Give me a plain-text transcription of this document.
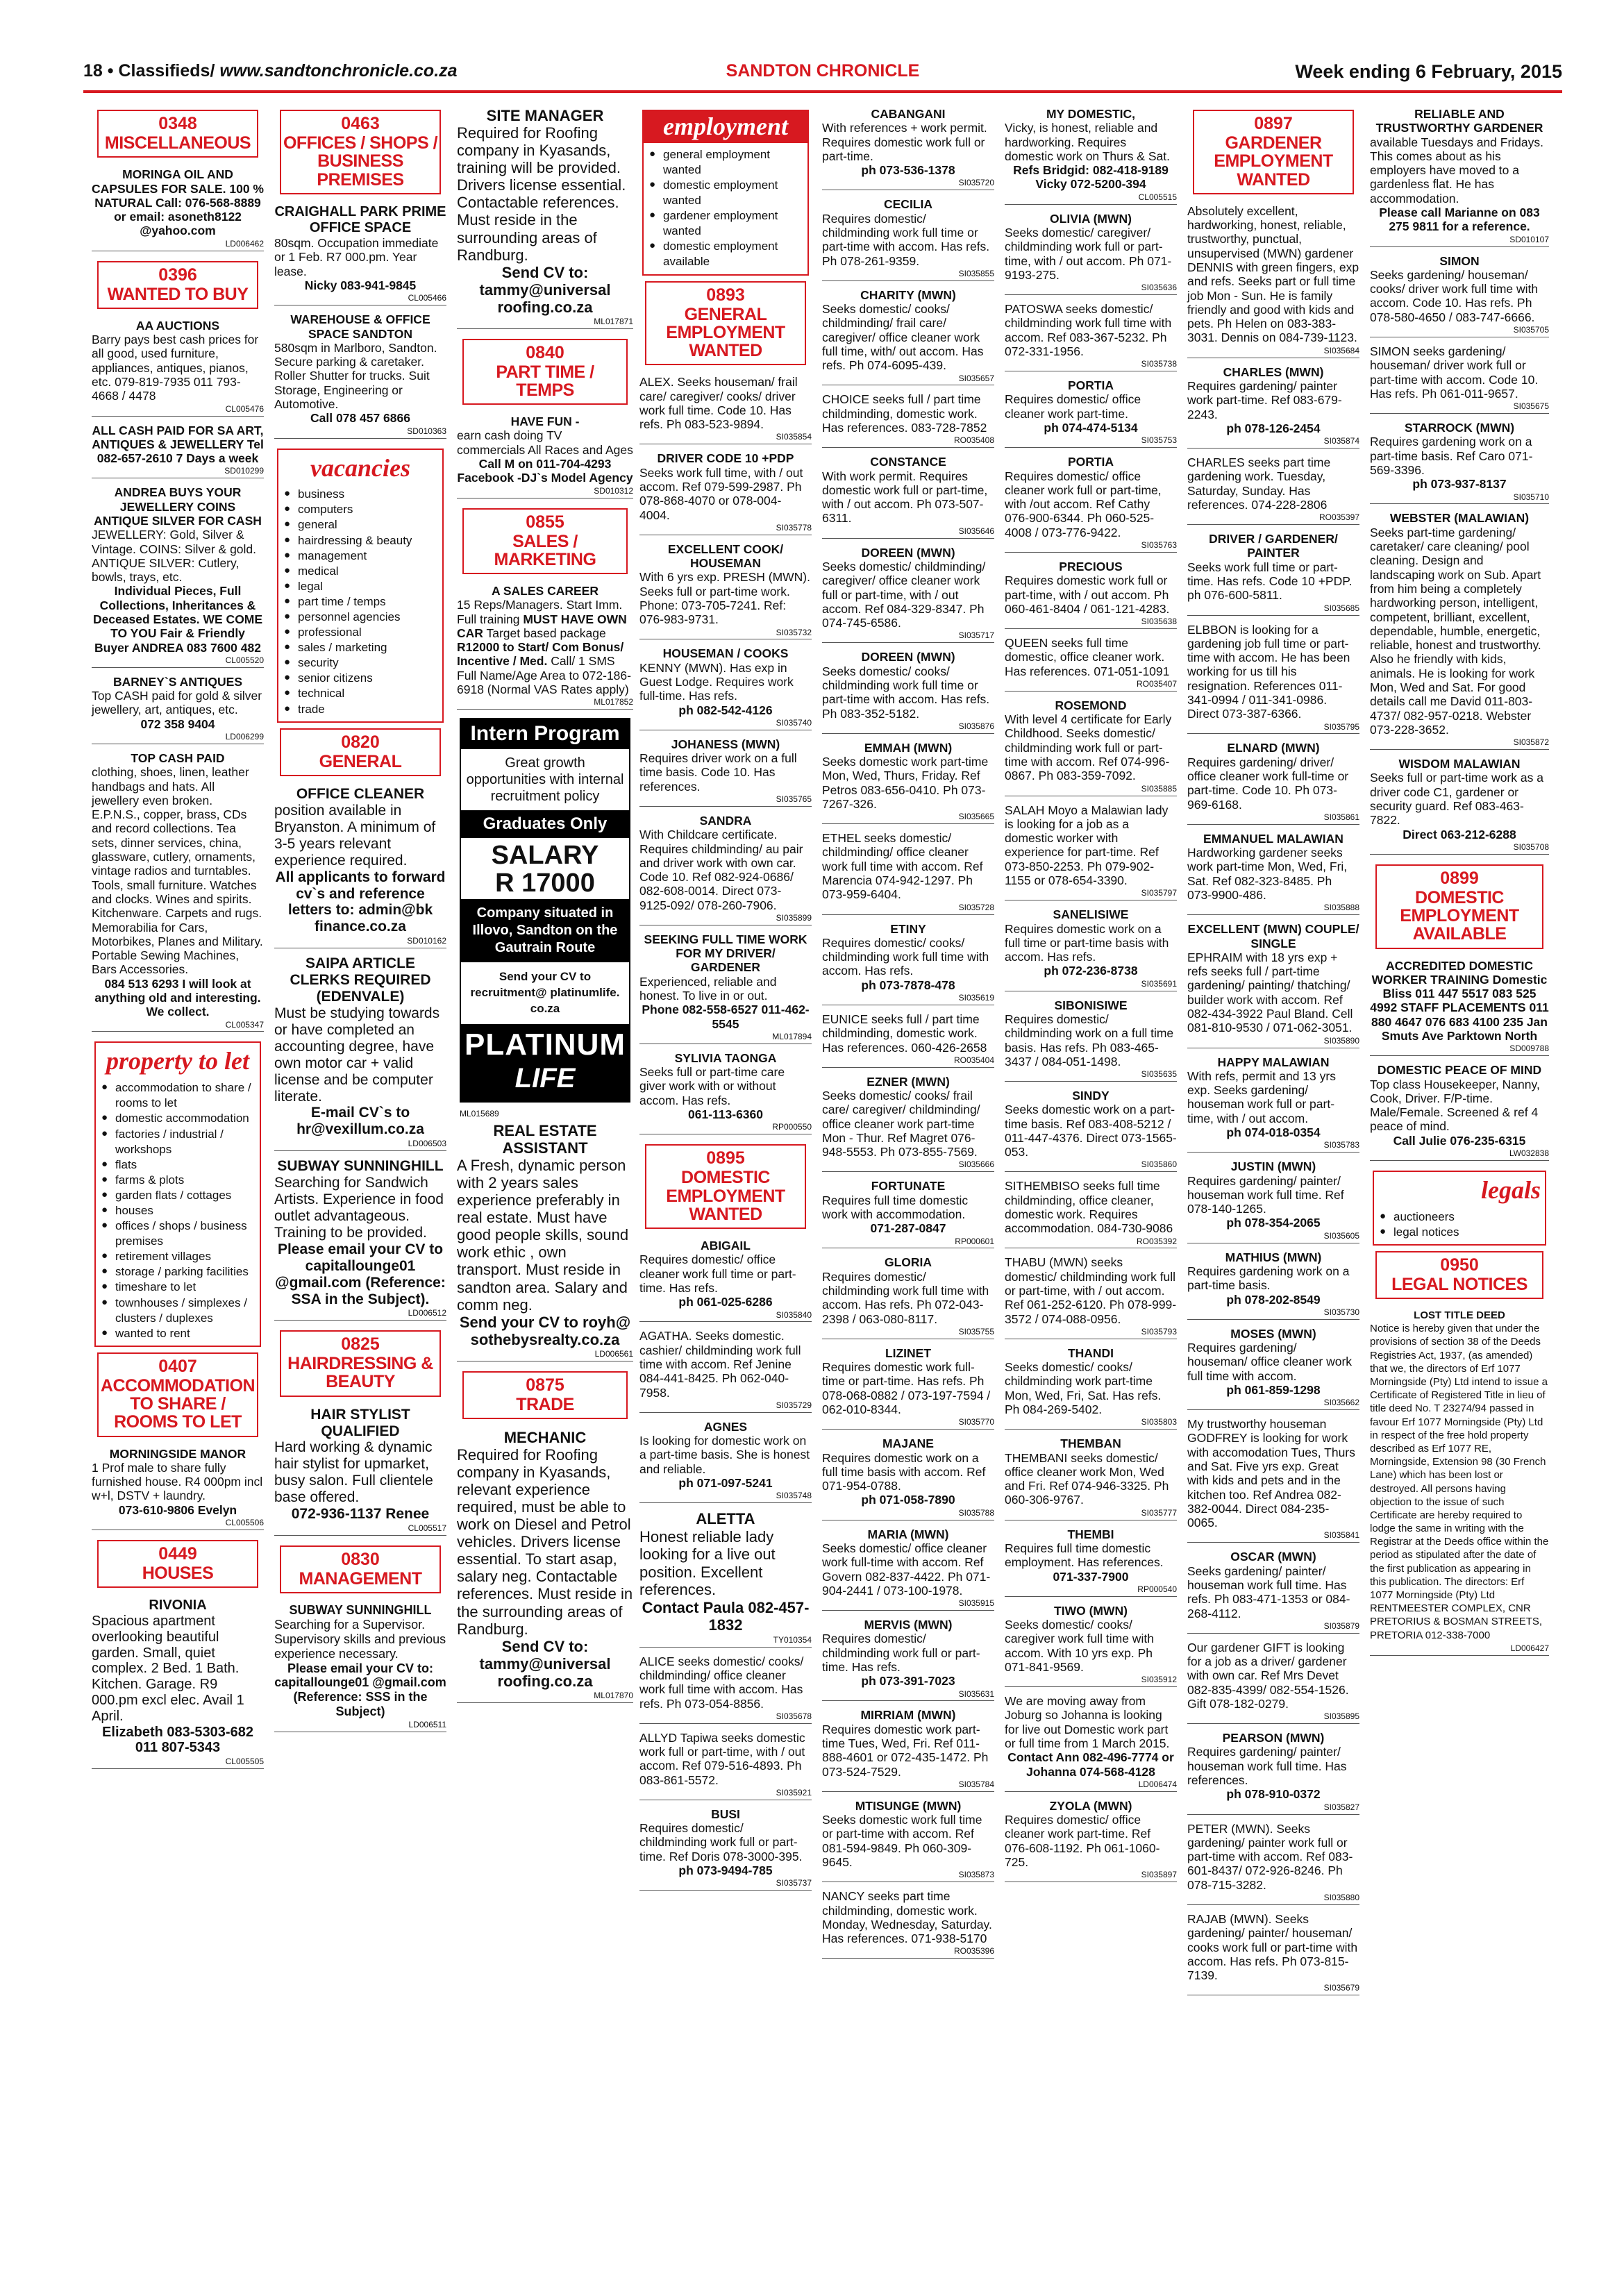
18 • Classifieds/ www.sandtonchronicle.co.za	SANDTON CHRONICLE	Week ending 6 February, 2015
0348
MISCELLANEOUS
MORINGA OIL AND CAPSULES FOR SALE. 100 % NATURAL Call: 076-568-8889 or email: asoneth8122 @yahoo.com
LD006462
0396
WANTED TO BUY
AA AUCTIONS
Barry pays best cash prices for all good, used furniture, appliances, antiques, pianos, etc. 079-819-7935 011 793-4668 / 4478
CL005476
ALL CASH PAID FOR SA ART, ANTIQUES & JEWELLERY Tel 082-657-2610 7 Days a week
SD010299
ANDREA BUYS YOUR JEWELLERY COINS ANTIQUE SILVER FOR CASH
JEWELLERY: Gold, Silver & Vintage. COINS: Silver & gold. ANTIQUE SILVER: Cutlery, bowls, trays, etc.
Individual Pieces, Full Collections, Inheritances & Deceased Estates. WE COME TO YOU Fair & Friendly Buyer ANDREA 083 7600 482
CL005520
BARNEY`S ANTIQUES
Top CASH paid for gold & silver jewellery, art, antiques, etc.
072 358 9404
LD006299
TOP CASH PAID
clothing, shoes, linen, leather handbags and hats. All jewellery even broken. E.P.N.S., copper, brass, CDs and record collections. Tea sets, dinner services, china, glassware, cutlery, ornaments, vintage radios and turntables. Tools, small furniture. Watches and clocks. Wines and spirits. Kitchenware. Carpets and rugs. Memorabilia for Cars, Motorbikes, Planes and Military. Portable Sewing Machines, Bars Accessories.
084 513 6293 I will look at anything old and interesting. We collect.
CL005347
property to let
● accommodation to share / rooms to let
● domestic accommodation
● factories / industrial / workshops
● flats
● farms & plots
● garden flats / cottages
● houses
● offices / shops / business premises
● retirement villages
● storage / parking facilities
● timeshare to let
● townhouses / simplexes / clusters / duplexes
● wanted to rent
0407
ACCOMMODATION TO SHARE / ROOMS TO LET
MORNINGSIDE MANOR
1 Prof male to share fully furnished house. R4 000pm incl w+l, DSTV + laundry.
073-610-9806 Evelyn
CL005506
0449
HOUSES
RIVONIA
Spacious apartment overlooking beautiful garden. Small, quiet complex. 2 Bed. 1 Bath. Kitchen. Garage. R9 000.pm excl elec. Avail 1 April.
Elizabeth 083-5303-682 011 807-5343
CL005505
0463
OFFICES / SHOPS / BUSINESS PREMISES
CRAIGHALL PARK PRIME OFFICE SPACE
80sqm. Occupation immediate or 1 Feb. R7 000.pm. Year lease.
Nicky 083-941-9845
CL005466
WAREHOUSE & OFFICE SPACE SANDTON
580sqm in Marlboro, Sandton. Secure parking & caretaker. Roller Shutter for trucks. Suit Storage, Engineering or Automotive.
Call 078 457 6866
SD010363
vacancies
● business
● computers
● general
● hairdressing & beauty
● management
● medical
● legal
● part time / temps
● personnel agencies
● professional
● sales / marketing
● security
● senior citizens
● technical
● trade
0820
GENERAL
OFFICE CLEANER
position available in Bryanston. A minimum of 3-5 years relevant experience required.
All applicants to forward cv`s and reference letters to: admin@bk finance.co.za
SD010162
SAIPA ARTICLE CLERKS REQUIRED (EDENVALE)
Must be studying towards or have completed an accounting degree, have own motor car + valid license and be computer literate.
E-mail CV`s to hr@vexillum.co.za
LD006503
SUBWAY SUNNINGHILL
Searching for Sandwich Artists. Experience in food outlet advantageous. Training to be provided.
Please email your CV to capitallounge01 @gmail.com (Reference: SSA in the Subject).
LD006512
0825
HAIRDRESSING & BEAUTY
HAIR STYLIST QUALIFIED
Hard working & dynamic hair stylist for upmarket, busy salon. Full clientele base offered.
072-936-1137 Renee
CL005517
0830
MANAGEMENT
SUBWAY SUNNINGHILL
Searching for a Supervisor. Supervisory skills and previous experience necessary.
Please email your CV to: capitallounge01 @gmail.com (Reference: SSS in the Subject)
LD006511
SITE MANAGER
Required for Roofing company in Kyasands, training will be provided. Drivers license essential. Contactable references. Must reside in the surrounding areas of Randburg.
Send CV to: tammy@universal roofing.co.za
ML017871
0840
PART TIME / TEMPS
HAVE FUN -
earn cash doing TV commercials All Races and Ages
Call M on 011-704-4293 Facebook -DJ`s Model Agency
SD010312
0855
SALES / MARKETING
A SALES CAREER
15 Reps/Managers. Start Imm. Full training MUST HAVE OWN CAR Target based package R12000 to Start/ Com Bonus/ Incentive / Med. Call/ 1 SMS Full Name/Age Area to 072-186-6918 (Normal VAS Rates apply)
ML017852
Intern Program
Great growth opportunities with internal recruitment policy
Graduates Only
SALARY
R 17000
Company situated in Illovo, Sandton on the Gautrain Route
Send your CV to recruitment@ platinumlife. co.za
PLATINUM
LIFE
ML015689
REAL ESTATE ASSISTANT
A Fresh, dynamic person with 2 years sales experience preferably in real estate. Must have good people skills, sound work ethic , own transport. Must reside in sandton area. Salary and comm neg.
Send your CV to royh@ sothebysrealty.co.za
LD006561
0875
TRADE
MECHANIC
Required for Roofing company in Kyasands, relevant experience required, must be able to work on Diesel and Petrol vehicles. Drivers license essential. To start asap, salary neg. Contactable references. Must reside in the surrounding areas of Randburg.
Send CV to: tammy@universal roofing.co.za
ML017870
employment
● general employment wanted
● domestic employment wanted
● gardener employment wanted
● domestic employment available
0893
GENERAL EMPLOYMENT WANTED
ALEX. Seeks houseman/ frail care/ caregiver/ cooks/ driver work full time. Code 10. Has refs. Ph 083-523-9894.
SI035854
DRIVER CODE 10 +PDP
Seeks work full time, with / out accom. Ref 079-599-2987. Ph 078-868-4070 or 078-004-4004.
SI035778
EXCELLENT COOK/ HOUSEMAN
With 6 yrs exp. PRESH (MWN). Seeks full or part-time work. Phone: 073-705-7241. Ref: 076-983-9731.
SI035732
HOUSEMAN / COOKS
KENNY (MWN). Has exp in Guest Lodge. Requires work full-time. Has refs.
ph 082-542-4126
SI035740
JOHANESS (MWN)
Requires driver work on a full time basis. Code 10. Has references.
SI035765
SANDRA
With Childcare certificate. Requires childminding/ au pair and driver work with own car. Code 10. Ref 082-924-0686/ 082-608-0014. Direct 073- 9125-092/ 078-260-7906.
SI035899
SEEKING FULL TIME WORK FOR MY DRIVER/ GARDENER
Experienced, reliable and honest. To live in or out.
Phone 082-558-6527 011-462-5545
ML017894
SYLIVIA TAONGA
Seeks full or part-time care giver work with or without accom. Has refs.
061-113-6360
RP000550
0895
DOMESTIC EMPLOYMENT WANTED
ABIGAIL
Requires domestic/ office cleaner work full time or part-time. Has refs.
ph 061-025-6286
SI035840
AGATHA. Seeks domestic. cashier/ childminding work full time with accom. Ref Jenine 084-441-8425. Ph 062-040-7958.
SI035729
AGNES
Is looking for domestic work on a part-time basis. She is honest and reliable.
ph 071-097-5241
SI035748
ALETTA
Honest reliable lady looking for a live out position. Excellent references.
Contact Paula 082-457-1832
TY010354
ALICE seeks domestic/ cooks/ childminding/ office cleaner work full time with accom. Has refs. Ph 073-054-8856.
SI035678
ALLYD Tapiwa seeks domestic work full or part-time, with / out accom. Ref 079-516-4893. Ph 083-861-5572.
SI035921
BUSI
Requires domestic/ childminding work full or part-time. Ref Doris 078-3000-395.
ph 073-9494-785
SI035737
CABANGANI
With references + work permit. Requires domestic work full or part-time.
ph 073-536-1378
SI035720
CECILIA
Requires domestic/ childminding work full time or part-time with accom. Has refs. Ph 078-261-9359.
SI035855
CHARITY (MWN)
Seeks domestic/ cooks/ childminding/ frail care/ caregiver/ office cleaner work full time, with/ out accom. Has refs. Ph 074-6095-439.
SI035657
CHOICE seeks full / part time childminding, domestic work. Has references. 083-728-7852
RO035408
CONSTANCE
With work permit. Requires domestic work full or part-time, with / out accom. Ph 073-507-6311.
SI035646
DOREEN (MWN)
Seeks domestic/ childminding/ caregiver/ office cleaner work full or part-time, with / out accom. Ref 084-329-8347. Ph 074-745-6586.
SI035717
DOREEN (MWN)
Seeks domestic/ cooks/ childminding work full time or part-time with accom. Has refs. Ph 083-352-5182.
SI035876
EMMAH (MWN)
Seeks domestic work part-time Mon, Wed, Thurs, Friday. Ref Petros 083-656-0410. Ph 073-7267-326.
SI035665
ETHEL seeks domestic/ childminding/ office cleaner work full time with accom. Ref Marencia 074-942-1297. Ph 073-959-6404.
SI035728
ETINY
Requires domestic/ cooks/ childminding work full time with accom. Has refs.
ph 073-7878-478
SI035619
EUNICE seeks full / part time childminding, domestic work. Has references. 060-426-2658
RO035404
EZNER (MWN)
Seeks domestic/ cooks/ frail care/ caregiver/ childminding/ office cleaner work part-time Mon - Thur. Ref Magret 076-948-5553. Ph 073-855-7569.
SI035666
FORTUNATE
Requires full time domestic work with accommodation.
071-287-0847
RP000601
GLORIA
Requires domestic/ childminding work full time with accom. Has refs. Ph 072-043-2398 / 063-080-8117.
SI035755
LIZINET
Requires domestic work full-time or part-time. Has refs. Ph 078-068-0882 / 073-197-7594 / 062-010-8344.
SI035770
MAJANE
Requires domestic work on a full time basis with accom. Ref 071-954-0788.
ph 071-058-7890
SI035788
MARIA (MWN)
Seeks domestic/ office cleaner work full-time with accom. Ref Govern 082-837-4422. Ph 071-904-2441 / 073-100-1978.
SI035915
MERVIS (MWN)
Requires domestic/ childminding work full or part-time. Has refs.
ph 073-391-7023
SI035631
MIRRIAM (MWN)
Requires domestic work part-time Tues, Wed, Fri. Ref 011-888-4601 or 072-435-1472. Ph 073-524-7529.
SI035784
MTISUNGE (MWN)
Seeks domestic work full time or part-time with accom. Ref 081-594-9849. Ph 060-309-9645.
SI035873
NANCY seeks part time childminding, domestic work. Monday, Wednesday, Saturday. Has references. 071-938-5170
RO035396
MY DOMESTIC,
Vicky, is honest, reliable and hardworking. Requires domestic work on Thurs & Sat.
Refs Bridgid: 082-418-9189 Vicky 072-5200-394
CL005515
OLIVIA (MWN)
Seeks domestic/ caregiver/ childminding work full or part-time, with / out accom. Ph 071-9193-275.
SI035636
PATOSWA seeks domestic/ childminding work full time with accom. Ref 083-367-5232. Ph 072-331-1956.
SI035738
PORTIA
Requires domestic/ office cleaner work part-time.
ph 074-474-5134
SI035753
PORTIA
Requires domestic/ office cleaner work full or part-time, with /out accom. Ref Cathy 076-900-6344. Ph 060-525-4008 / 073-776-9422.
SI035763
PRECIOUS
Requires domestic work full or part-time, with / out accom. Ph 060-461-8404 / 061-121-4283.
SI035638
QUEEN seeks full time domestic, office cleaner work. Has references. 071-051-1091
RO035407
ROSEMOND
With level 4 certificate for Early Childhood. Seeks domestic/ childminding work full or part-time with accom. Ref 074-996-0867. Ph 083-359-7092.
SI035885
SALAH Moyo a Malawian lady is looking for a job as a domestic worker with experience for part-time. Ref 073-850-2253. Ph 079-902-1155 or 078-654-3390.
SI035797
SANELISIWE
Requires domestic work on a full time or part-time basis with accom. Has refs.
ph 072-236-8738
SI035691
SIBONISIWE
Requires domestic/ childminding work on a full time basis. Has refs. Ph 083-465-3437 / 084-051-1498.
SI035635
SINDY
Seeks domestic work on a part-time basis. Ref 083-408-5212 / 011-447-4376. Direct 073-1565-053.
SI035860
SITHEMBISO seeks full time childminding, office cleaner, domestic work. Requires accommodation. 084-730-9086
RO035392
THABU (MWN) seeks domestic/ childminding work full or part-time, with / out accom. Ref 061-252-6120. Ph 078-999-3572 / 074-088-0956.
SI035793
THANDI
Seeks domestic/ cooks/ childminding work part-time Mon, Wed, Fri, Sat. Has refs. Ph 084-269-5402.
SI035803
THEMBAN
THEMBANI seeks domestic/ office cleaner work Mon, Wed and Fri. Ref 074-946-3325. Ph 060-306-9767.
SI035777
THEMBI
Requires full time domestic employment. Has references.
071-337-7900
RP000540
TIWO (MWN)
Seeks domestic/ cooks/ caregiver work full time with accom. With 10 yrs exp. Ph 071-841-9569.
SI035912
We are moving away from Joburg so Johanna is looking for live out Domestic work part or full time from 1 March 2015.
Contact Ann 082-496-7774 or Johanna 074-568-4128
LD006474
ZYOLA (MWN)
Requires domestic/ office cleaner work part-time. Ref 076-608-1192. Ph 061-1060-725.
SI035897
0897
GARDENER EMPLOYMENT WANTED
Absolutely excellent, hardworking, honest, reliable, trustworthy, punctual, unsupervised (MWN) gardener DENNIS with green fingers, exp and refs. Seeks part or full time job Mon - Sun. He is family friendly and good with kids and pets. Ph Helen on 083-383-3031. Dennis on 084-739-1123.
SI035684
CHARLES (MWN)
Requires gardening/ painter work part-time. Ref 083-679-2243.
ph 078-126-2454
SI035874
CHARLES seeks part time gardening work. Tuesday, Saturday, Sunday. Has references. 074-228-2806
RO035397
DRIVER / GARDENER/ PAINTER
Seeks work full time or part-time. Has refs. Code 10 +PDP. ph 076-600-5811.
SI035685
ELBBON is looking for a gardening job full time or part-time with accom. He has been working for us till his resignation. References 011-341-0994 / 011-341-0986. Direct 073-387-6366.
SI035795
ELNARD (MWN)
Requires gardening/ driver/ office cleaner work full-time or part-time. Code 10. Ph 073-969-6168.
SI035861
EMMANUEL MALAWIAN
Hardworking gardener seeks work part-time Mon, Wed, Fri, Sat. Ref 082-323-8485. Ph 073-9900-486.
SI035888
EXCELLENT (MWN) COUPLE/ SINGLE
EPHRAIM with 18 yrs exp + refs seeks full / part-time gardening/ painting/ thatching/ builder work with accom. Ref 082-434-3922 Paul Bland. Cell 081-810-9530 / 071-062-3051.
SI035890
HAPPY MALAWIAN
With refs, permit and 13 yrs exp. Seeks gardening/ houseman work full or part-time, with / out accom.
ph 074-018-0354
SI035783
JUSTIN (MWN)
Requires gardening/ painter/ houseman work full time. Ref 078-140-1265.
ph 078-354-2065
SI035605
MATHIUS (MWN)
Requires gardening work on a part-time basis.
ph 078-202-8549
SI035730
MOSES (MWN)
Requires gardening/ houseman/ office cleaner work full time with accom.
ph 061-859-1298
SI035662
My trustworthy houseman GODFREY is looking for work with accomodation Tues, Thurs and Sat. Five yrs exp. Great with kids and pets and in the kitchen too. Ref Andrea 082-382-0044. Direct 084-235-0065.
SI035841
OSCAR (MWN)
Seeks gardening/ painter/ houseman work full time. Has refs. Ph 083-471-1353 or 084-268-4112.
SI035879
Our gardener GIFT is looking for a job as a driver/ gardener with own car. Ref Mrs Devet 082-835-4399/ 082-554-1526. Gift 078-182-0279.
SI035895
PEARSON (MWN)
Requires gardening/ painter/ houseman work full time. Has references.
ph 078-910-0372
SI035827
PETER (MWN). Seeks gardening/ painter work full or part-time with accom. Ref 083-601-8437/ 072-926-8246. Ph 078-715-3282.
SI035880
RAJAB (MWN). Seeks gardening/ painter/ houseman/ cooks work full or part-time with accom. Has refs. Ph 073-815-7139.
SI035679
RELIABLE AND TRUSTWORTHY GARDENER
available Tuesdays and Fridays. This comes about as his employers have moved to a gardenless flat. He has accommodation.
Please call Marianne on 083 275 9811 for a reference.
SD010107
SIMON
Seeks gardening/ houseman/ cooks/ driver work full time with accom. Code 10. Has refs. Ph 078-580-4650 / 083-747-6666.
SI035705
SIMON seeks gardening/ houseman/ driver work full or part-time with accom. Code 10. Has refs. Ph 061-011-9657.
SI035675
STARROCK (MWN)
Requires gardening work on a part-time basis. Ref Caro 071-569-3396.
ph 073-937-8137
SI035710
WEBSTER (MALAWIAN)
Seeks part-time gardening/ caretaker/ care cleaning/ pool cleaning. Design and landscaping work on Sub. Apart from him being a completely hardworking person, intelligent, competent, brilliant, excellent, dependable, humble, energetic, reliable, honest and trustworthy. Also he friendly with kids, animals. He is looking for work Mon, Wed and Sat. For good details call me David 011-803-4737/ 082-957-0218. Webster 073-228-3652.
SI035872
WISDOM MALAWIAN
Seeks full or part-time work as a driver code C1, gardener or security guard. Ref 083-463-7822.
Direct 063-212-6288
SI035708
0899
DOMESTIC EMPLOYMENT AVAILABLE
ACCREDITED DOMESTIC WORKER TRAINING Domestic Bliss 011 447 5517 083 525 4992 STAFF PLACEMENTS 011 880 4647 076 683 4100 235 Jan Smuts Ave Parktown North
SD009788
DOMESTIC PEACE OF MIND
Top class Housekeeper, Nanny, Cook, Driver. F/P-time. Male/Female. Screened & ref 4 peace of mind.
Call Julie 076-235-6315
LW032838
legals
● auctioneers
● legal notices
0950
LEGAL NOTICES
LOST TITLE DEED
Notice is hereby given that under the provisions of section 38 of the Deeds Registries Act, 1937, (as amended) that we, the directors of Erf 1077 Morningside (Pty) Ltd intend to issue a Certificate of Registered Title in lieu of title deed No. T 23274/94 passed in favour Erf 1077 Morningside (Pty) Ltd in respect of the free hold property described as Erf 1077 RE, Morningside, Extension 98 (30 French Lane) which has been lost or destroyed. All persons having objection to the issue of such Certificate are hereby required to lodge the same in writing with the Registrar at the Deeds office within the period as stipulated after the date of the first publication as appearing in this publication. The directors: Erf 1077 Morningside (Pty) Ltd RENTMEESTER COMPLEX, CNR PRETORIUS & BOSMAN STREETS, PRETORIA 012-338-7000
LD006427
